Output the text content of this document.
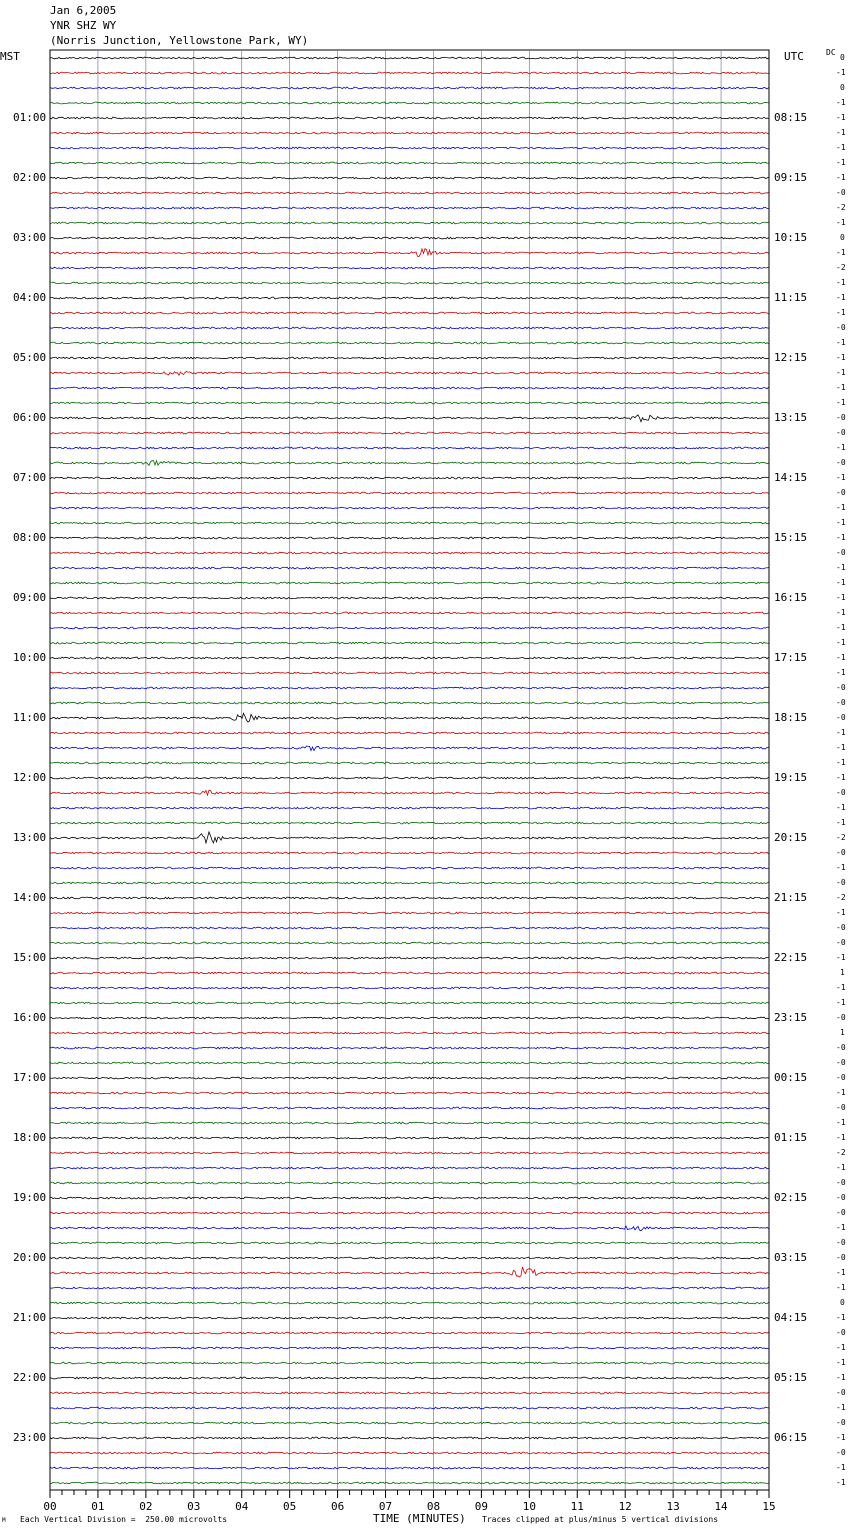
00	01	02	03	04	05	06	07	08	09	10	11	12	13	14	15
Jan 6,2005
YNR SHZ WY
(Norris Junction, Yellowstone Park, WY)
MST	UTC	DC
01:00
02:00
03:00
04:00
05:00
06:00
07:00
08:00
09:00
10:00
11:00
12:00
13:00
14:00
15:00
16:00
17:00
18:00
19:00
20:00
21:00
22:00
23:00
08:15
09:15
10:15
11:15
12:15
13:15
14:15
15:15
16:15
17:15
18:15
19:15
20:15
21:15
22:15
23:15
00:15
01:15
02:15
03:15
04:15
05:15
06:15
0
-1
0
-1
-1
-1
-1
-1
-1
-0
-2
-1
0
-1
-2
-1
-1
-1
-0
-1
-1
-1
-1
-1
-0
-0
-1
-0
-1
-0
-1
-1
-1
-0
-1
-1
-1
-1
-1
-1
-1
-1
-0
-0
-0
-1
-1
-1
-1
-0
-1
-1
-2
-0
-1
-0
-2
-1
-0
-0
-1
1
-1
-1
-0
1
-0
-0
-0
-1
-0
-1
-1
-2
-1
-0
-0
-0
-1
-0
-0
-1
-1
0
-1
-0
-1
-1
-1
-0
-1
-0
-1
-0
-1
-1
TIME (MINUTES)
Each Vertical Division =  250.00 microvolts	Traces clipped at plus/minus 5 vertical divisions
M
